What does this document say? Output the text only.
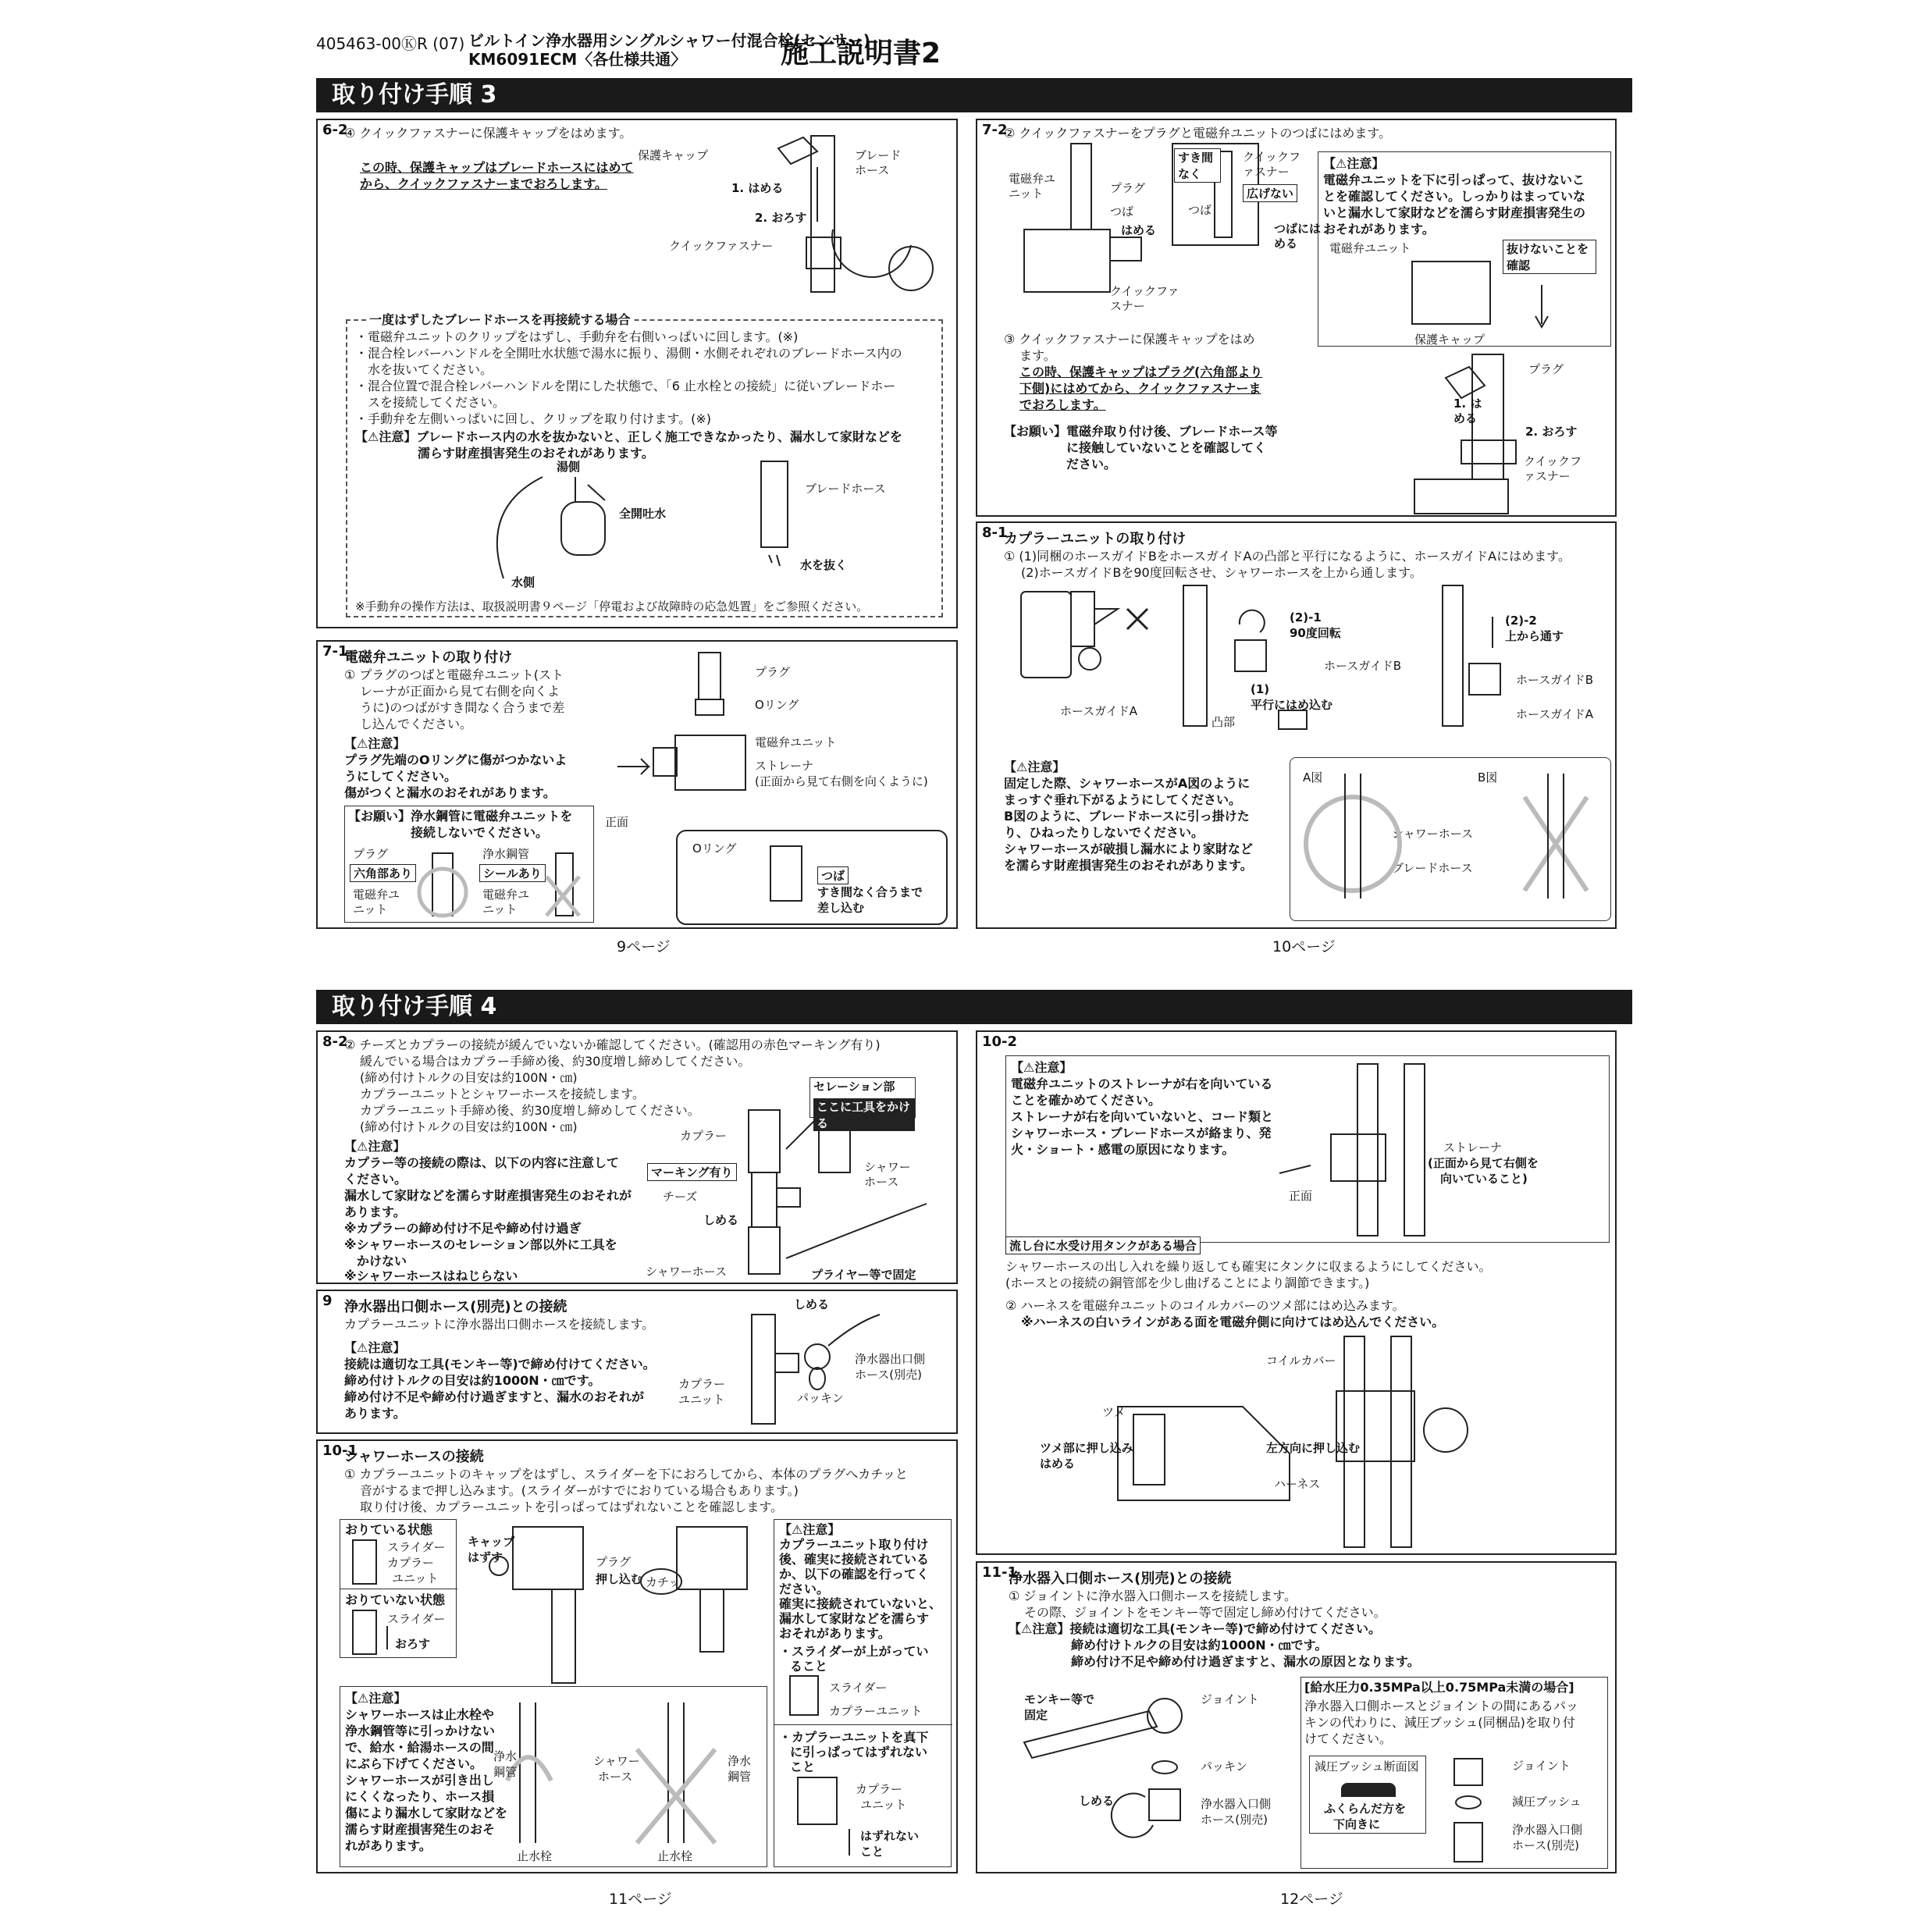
405463-00ⓀR (07) ビルトイン浄水器用シングルシャワー付混合栓(センサー)
KM6091ECM〈各仕様共通〉	施工説明書2
取り付け手順 3
6-2
④ クイックファスナーに保護キャップをはめます。
この時、保護キャップはブレードホースにはめてから、クイックファスナーまでおろします。
保護キャップ	ブレードホース
1. はめる
2. おろす
クイックファスナー
一度はずしたブレードホースを再接続する場合
・電磁弁ユニットのクリップをはずし、手動弁を右側いっぱいに回します。(※)
・混合栓レバーハンドルを全開吐水状態で湯水に振り、湯側・水側それぞれのブレードホース内の
　水を抜いてください。
・混合位置で混合栓レバーハンドルを閉にした状態で、「6 止水栓との接続」に従いブレードホー
　スを接続してください。
・手動弁を左側いっぱいに回し、クリップを取り付けます。(※)
【⚠注意】ブレードホース内の水を抜かないと、正しく施工できなかったり、漏水して家財などを
濡らす財産損害発生のおそれがあります。
湯側
全開吐水
水側
ブレードホース
水を抜く
※手動弁の操作方法は、取扱説明書９ページ「停電および故障時の応急処置」をご参照ください。
7-1
電磁弁ユニットの取り付け
① プラグのつばと電磁弁ユニット(スト
レーナが正面から見て右側を向くよ
うに)のつばがすき間なく合うまで差
し込んでください。
【⚠注意】
プラグ先端のOリングに傷がつかないよ
うにしてください。
傷がつくと漏水のおそれがあります。
【お願い】浄水鋼管に電磁弁ユニットを
接続しないでください。
プラグ
六角部あり
電磁弁ユニット
浄水鋼管
シールあり
電磁弁ユニット
プラグ
Oリング
電磁弁ユニット
ストレーナ
(正面から見て右側を向くように)
正面
Oリング
つば
すき間なく合うまで
差し込む
9ページ
7-2
② クイックファスナーをプラグと電磁弁ユニットのつばにはめます。
電磁弁ユニット	プラグ
つば
はめる
クイックファスナー
すき間なく
クイックファスナー
広げない
つば
つばにはめる
【⚠注意】
電磁弁ユニットを下に引っぱって、抜けないこ
とを確認してください。しっかりはまっていな
いと漏水して家財などを濡らす財産損害発生の
おそれがあります。
電磁弁ユニット	抜けないことを確認
③ クイックファスナーに保護キャップをはめ
ます。
この時、保護キャップはプラグ(六角部より
下側)にはめてから、クイックファスナーま
でおろします。
【お願い】電磁弁取り付け後、ブレードホース等
に接触していないことを確認してく
ださい。
保護キャップ
プラグ
1. はめる
2. おろす
クイックファスナー
8-1
カプラーユニットの取り付け
① (1)同梱のホースガイドBをホースガイドAの凸部と平行になるように、ホースガイドAにはめます。
(2)ホースガイドBを90度回転させ、シャワーホースを上から通します。
(2)-1
90度回転
ホースガイドB
(1)
平行にはめ込む
ホースガイドA
凸部
(2)-2
上から通す
ホースガイドB
ホースガイドA
【⚠注意】
固定した際、シャワーホースがA図のように
まっすぐ垂れ下がるようにしてください。
B図のように、ブレードホースに引っ掛けた
り、ひねったりしないでください。
シャワーホースが破損し漏水により家財など
を濡らす財産損害発生のおそれがあります。
A図	B図
シャワーホース
ブレードホース
10ページ
取り付け手順 4
8-2
② チーズとカプラーの接続が緩んでいないか確認してください。(確認用の赤色マーキング有り)
緩んでいる場合はカプラー手締め後、約30度増し締めしてください。
(締め付けトルクの目安は約100N・㎝)
カプラーユニットとシャワーホースを接続します。
カプラーユニット手締め後、約30度増し締めしてください。
(締め付けトルクの目安は約100N・㎝)
【⚠注意】
カプラー等の接続の際は、以下の内容に注意して
ください。
漏水して家財などを濡らす財産損害発生のおそれが
あります。
※カプラーの締め付け不足や締め付け過ぎ
※シャワーホースのセレーション部以外に工具を
　かけない
※シャワーホースはねじらない
セレーション部
ここに工具をかける
カプラー
マーキング有り	シャワーホース
チーズ
しめる
シャワーホース	プライヤー等で固定
9 浄水器出口側ホース(別売)との接続
カプラーユニットに浄水器出口側ホースを接続します。
【⚠注意】
接続は適切な工具(モンキー等)で締め付けてください。
締め付けトルクの目安は約1000N・㎝です。
締め付け不足や締め付け過ぎますと、漏水のおそれが
あります。
しめる
浄水器出口側
ホース(別売)
カプラー
ユニット	パッキン
10-1
シャワーホースの接続
① カプラーユニットのキャップをはずし、スライダーを下におろしてから、本体のプラグへカチッと
音がするまで押し込みます。(スライダーがすでにおりている場合もあります。)
取り付け後、カプラーユニットを引っぱってはずれないことを確認します。
おりている状態
スライダー
カプラー
ユニット
おりていない状態
スライダー
おろす
キャップ
はずす	プラグ
押し込む カチッ
【⚠注意】
カプラーユニット取り付け
後、確実に接続されている
か、以下の確認を行ってく
ださい。
確実に接続されていないと、
漏水して家財などを濡らす
おそれがあります。
・スライダーが上がってい
ること
スライダー
カプラーユニット
・カプラーユニットを真下
に引っぱってはずれない
こと
カプラー
ユニット
はずれない
こと
【⚠注意】
シャワーホースは止水栓や
浄水鋼管等に引っかけない
で、給水・給湯ホースの間
にぶら下げてください。
シャワーホースが引き出し
にくくなったり、ホース損
傷により漏水して家財などを
濡らす財産損害発生のおそ
れがあります。
浄水
鋼管
シャワー
ホース
浄水
鋼管
止水栓	止水栓
11ページ
10-2
【⚠注意】
電磁弁ユニットのストレーナが右を向いている
ことを確かめてください。
ストレーナが右を向いていないと、コード類と
シャワーホース・ブレードホースが絡まり、発
火・ショート・感電の原因になります。	ストレーナ
(正面から見て右側を
向いていること)
正面
流し台に水受け用タンクがある場合
シャワーホースの出し入れを繰り返しても確実にタンクに収まるようにしてください。
(ホースとの接続の銅管部を少し曲げることにより調節できます。)
② ハーネスを電磁弁ユニットのコイルカバーのツメ部にはめ込みます。
※ハーネスの白いラインがある面を電磁弁側に向けてはめ込んでください。
コイルカバー
ツメ
ツメ部に押し込み
はめる
左方向に押し込む
ハーネス
11-1
浄水器入口側ホース(別売)との接続
① ジョイントに浄水器入口側ホースを接続します。
その際、ジョイントをモンキー等で固定し締め付けてください。
【⚠注意】接続は適切な工具(モンキー等)で締め付けてください。
締め付けトルクの目安は約1000N・㎝です。
締め付け不足や締め付け過ぎますと、漏水の原因となります。
モンキー等で
固定
ジョイント
パッキン
しめる	浄水器入口側
ホース(別売)
[給水圧力0.35MPa以上0.75MPa未満の場合]
浄水器入口側ホースとジョイントの間にあるパッ
キンの代わりに、減圧ブッシュ(同梱品)を取り付
けてください。
減圧ブッシュ断面図
ふくらんだ方を
下向きに
ジョイント
減圧ブッシュ
浄水器入口側
ホース(別売)
12ページ
